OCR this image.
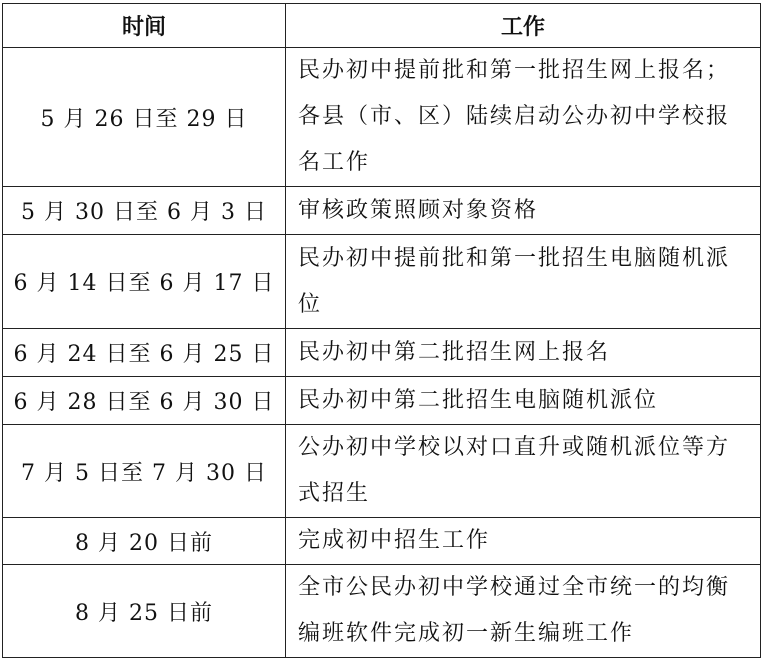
时间	工作
5 月 26 日至 29 日	民办初中提前批和第一批招生网上报名；各县（市、区）陆续启动公办初中学校报名工作
5 月 30 日至 6 月 3 日	审核政策照顾对象资格
6 月 14 日至 6 月 17 日	民办初中提前批和第一批招生电脑随机派位
6 月 24 日至 6 月 25 日	民办初中第二批招生网上报名
6 月 28 日至 6 月 30 日	民办初中第二批招生电脑随机派位
7 月 5 日至 7 月 30 日	公办初中学校以对口直升或随机派位等方式招生
8 月 20 日前	完成初中招生工作
8 月 25 日前	全市公民办初中学校通过全市统一的均衡编班软件完成初一新生编班工作
